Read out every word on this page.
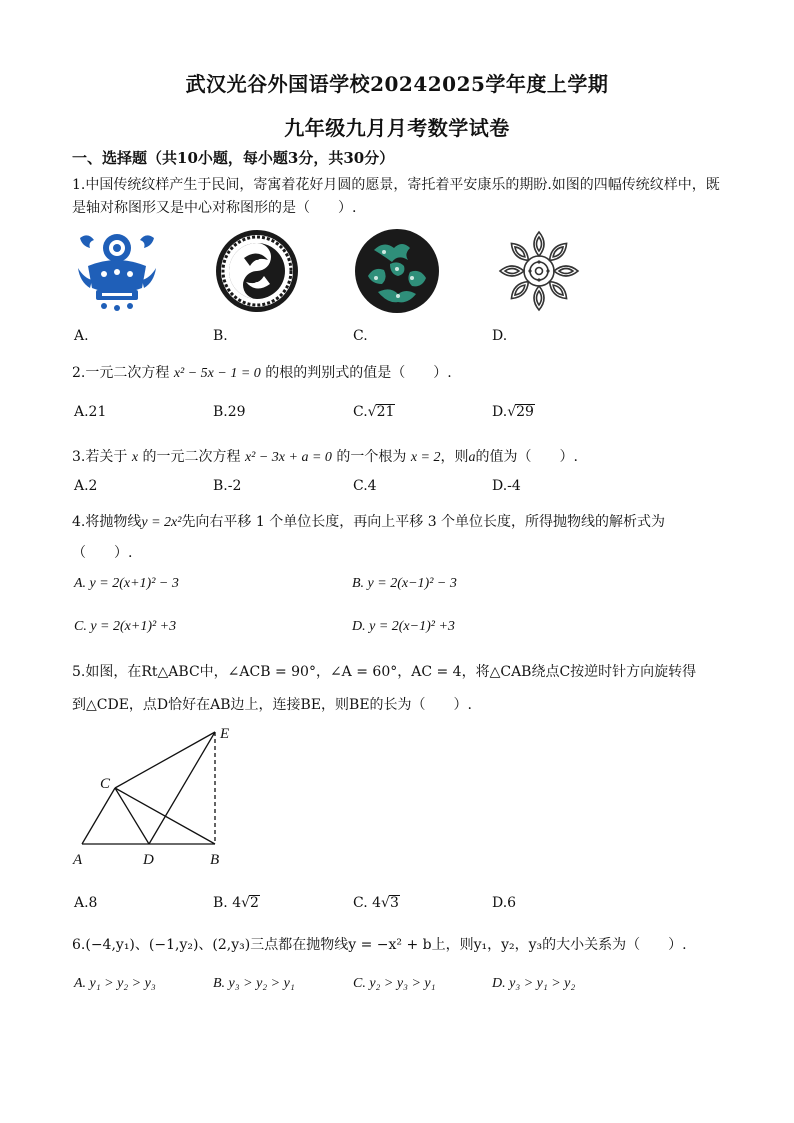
武汉光谷外国语学校20242025学年度上学期
九年级九月月考数学试卷
一、选择题（共10小题，每小题3分，共30分）
1.中国传统纹样产生于民间，寄寓着花好月圆的愿景，寄托着平安康乐的期盼.如图的四幅传统纹样中，既
是轴对称图形又是中心对称图形的是（　　）.
A.	B.	C.	D.
2.一元二次方程 x² − 5x − 1 = 0 的根的判别式的值是（　　）.
A.21	B.29	C.√21	D.√29
3.若关于 x 的一元二次方程 x² − 3x + a = 0 的一个根为 x = 2，则a的值为（　　）.
A.2	B.-2	C.4	D.-4
4.将抛物线y = 2x²先向右平移 1 个单位长度，再向上平移 3 个单位长度，所得抛物线的解析式为
（　　）.
A. y = 2(x+1)² − 3	B. y = 2(x−1)² − 3
C. y = 2(x+1)² +3	D. y = 2(x−1)² +3
5.如图，在Rt△ABC中，∠ACB = 90°，∠A = 60°，AC = 4，将△CAB绕点C按逆时针方向旋转得
到△CDE，点D恰好在AB边上，连接BE，则BE的长为（　　）.
A	B
C
D
E
A.8	B. 4√2	C. 4√3	D.6
6.(−4,y₁)、(−1,y₂)、(2,y₃)三点都在抛物线y = −x² + b上，则y₁，y₂，y₃的大小关系为（　　）.
A. y₁ > y₂ > y₃	B. y₃ > y₂ > y₁	C. y₂ > y₃ > y₁	D. y₃ > y₁ > y₂
